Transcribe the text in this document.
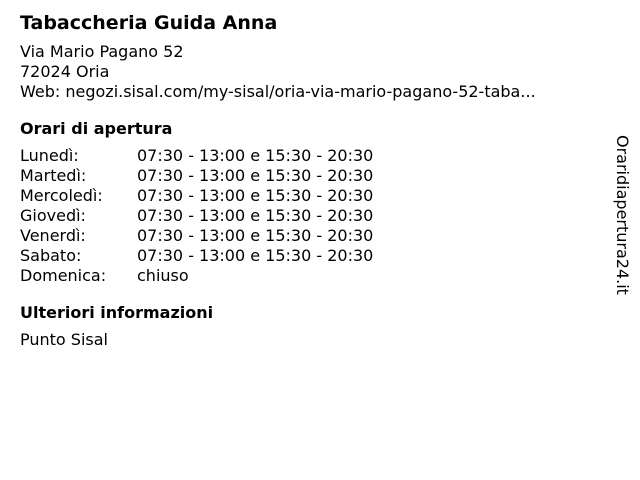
Tabaccheria Guida Anna
Via Mario Pagano 52
72024 Oria
Web: negozi.sisal.com/my-sisal/oria-via-mario-pagano-52-taba...
Orari di apertura
Lunedì:	07:30 - 13:00 e 15:30 - 20:30
Martedì:	07:30 - 13:00 e 15:30 - 20:30
Mercoledì:	07:30 - 13:00 e 15:30 - 20:30
Giovedì:	07:30 - 13:00 e 15:30 - 20:30
Venerdì:	07:30 - 13:00 e 15:30 - 20:30
Sabato:	07:30 - 13:00 e 15:30 - 20:30
Domenica:	chiuso
Ulteriori informazioni
Punto Sisal
Oraridiapertura24.it
